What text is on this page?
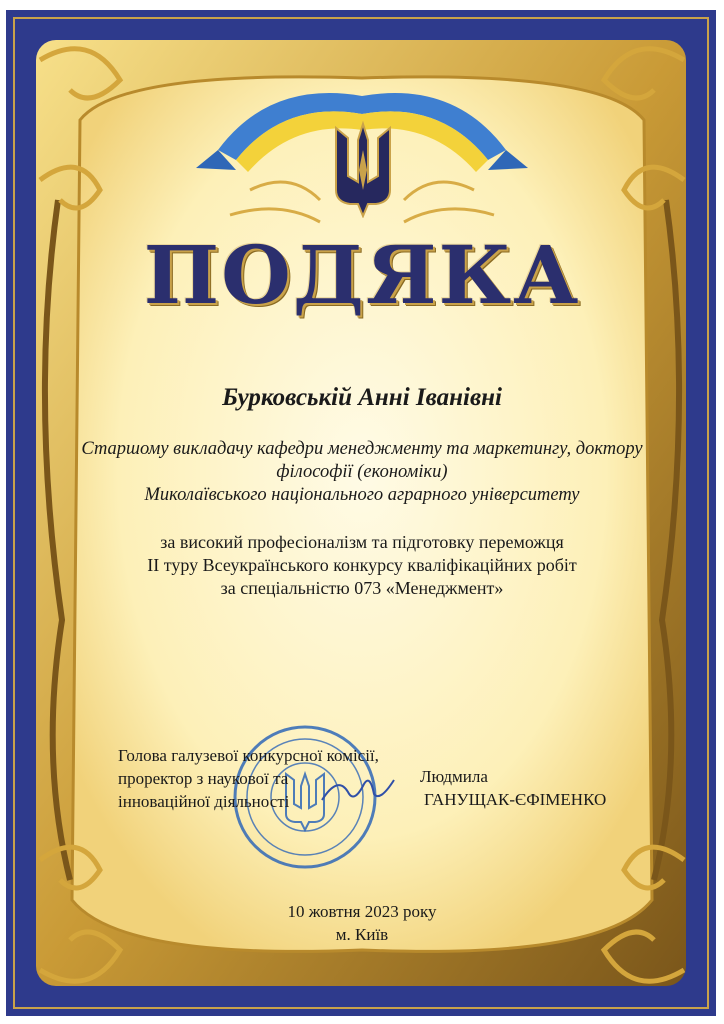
ПОДЯКА
Бурковській Анні Іванівні
Старшому викладачу кафедри менеджменту та маркетингу, доктору
філософії (економіки)
Миколаївського національного аграрного університету
за високий професіоналізм та підготовку переможця
ІІ туру Всеукраїнського конкурсу кваліфікаційних робіт
за спеціальністю 073 «Менеджмент»
Голова галузевої конкурсної комісії,
проректор з наукової та
інноваційної діяльності
Людмила
ГАНУЩАК-ЄФІМЕНКО
10 жовтня 2023 року
м. Київ
